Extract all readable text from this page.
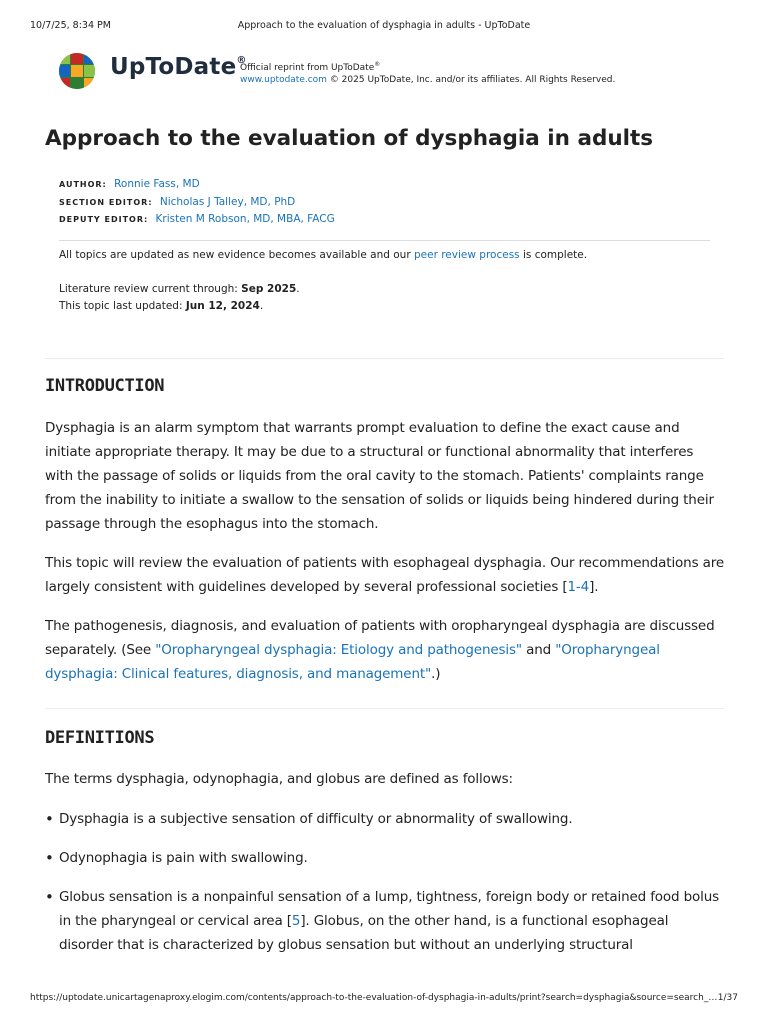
10/7/25, 8:34 PM	Approach to the evaluation of dysphagia in adults - UpToDate
UpToDate®
Official reprint from UpToDate®
www.uptodate.com © 2025 UpToDate, Inc. and/or its affiliates. All Rights Reserved.
Approach to the evaluation of dysphagia in adults
AUTHOR: Ronnie Fass, MD
SECTION EDITOR: Nicholas J Talley, MD, PhD
DEPUTY EDITOR: Kristen M Robson, MD, MBA, FACG
All topics are updated as new evidence becomes available and our peer review process is complete.
Literature review current through: Sep 2025.
This topic last updated: Jun 12, 2024.
INTRODUCTION

Dysphagia is an alarm symptom that warrants prompt evaluation to define the exact cause and initiate appropriate therapy. It may be due to a structural or functional abnormality that interferes with the passage of solids or liquids from the oral cavity to the stomach. Patients' complaints range from the inability to initiate a swallow to the sensation of solids or liquids being hindered during their passage through the esophagus into the stomach.

This topic will review the evaluation of patients with esophageal dysphagia. Our recommendations are largely consistent with guidelines developed by several professional societies [1-4].

The pathogenesis, diagnosis, and evaluation of patients with oropharyngeal dysphagia are discussed separately. (See "Oropharyngeal dysphagia: Etiology and pathogenesis" and "Oropharyngeal dysphagia: Clinical features, diagnosis, and management".)

DEFINITIONS

The terms dysphagia, odynophagia, and globus are defined as follows:

• Dysphagia is a subjective sensation of difficulty or abnormality of swallowing.
• Odynophagia is pain with swallowing.
• Globus sensation is a nonpainful sensation of a lump, tightness, foreign body or retained food bolus in the pharyngeal or cervical area [5]. Globus, on the other hand, is a functional esophageal disorder that is characterized by globus sensation but without an underlying structural
https://uptodate.unicartagenaproxy.elogim.com/contents/approach-to-the-evaluation-of-dysphagia-in-adults/print?search=dysphagia&source=search_… 1/37
